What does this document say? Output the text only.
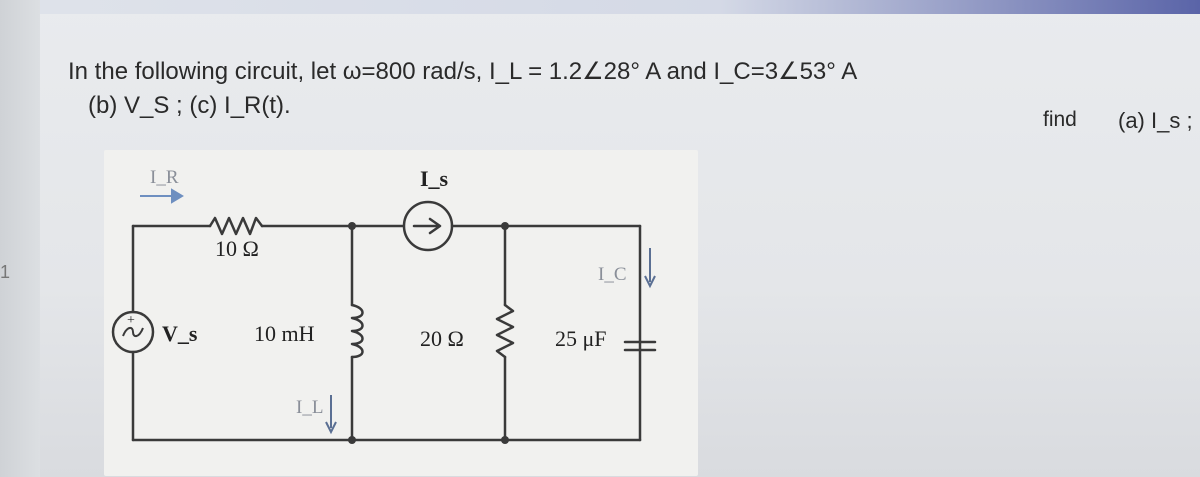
1
In the following circuit, let ω=800 rad/s, I_L = 1.2∠28° A and I_C=3∠53° A
(b) V_S ; (c) I_R(t).
find (a) I_s ;
+
I_R
10 Ω
I_s
I_C
V_s	10 mH
I_L
20 Ω	25 μF
